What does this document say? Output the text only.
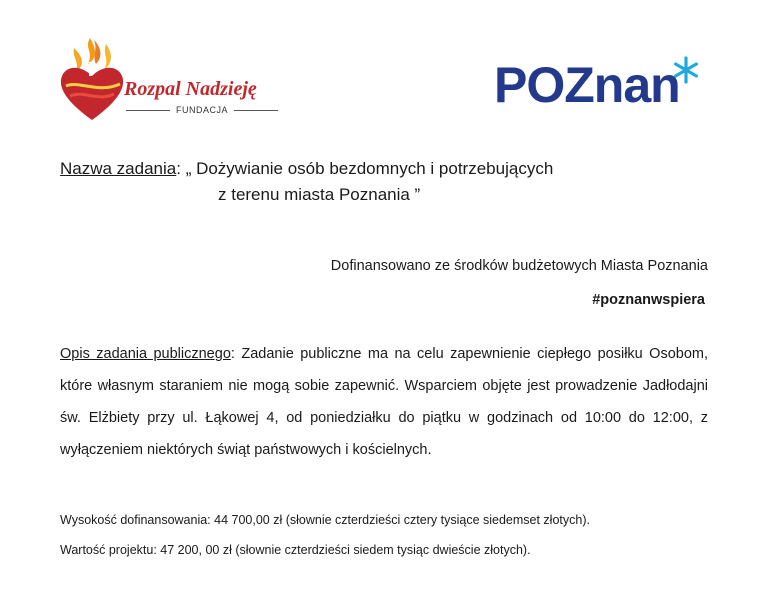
Rozpal Nadzieję
FUNDACJA	POZnan
Nazwa zadania: „ Dożywianie osób bezdomnych i potrzebujących
z terenu miasta Poznania ”
Dofinansowano ze środków budżetowych Miasta Poznania
#poznanwspiera
Opis zadania publicznego: Zadanie publiczne ma na celu zapewnienie ciepłego posiłku Osobom, które własnym staraniem nie mogą sobie zapewnić. Wsparciem objęte jest prowadzenie Jadłodajni św. Elżbiety przy ul. Łąkowej 4, od poniedziałku do piątku w godzinach od 10:00 do 12:00, z wyłączeniem niektórych świąt państwowych i kościelnych.
Wysokość dofinansowania: 44 700,00 zł (słownie czterdzieści cztery tysiące siedemset złotych).
Wartość projektu: 47 200, 00 zł (słownie czterdzieści siedem tysiąc dwieście złotych).
